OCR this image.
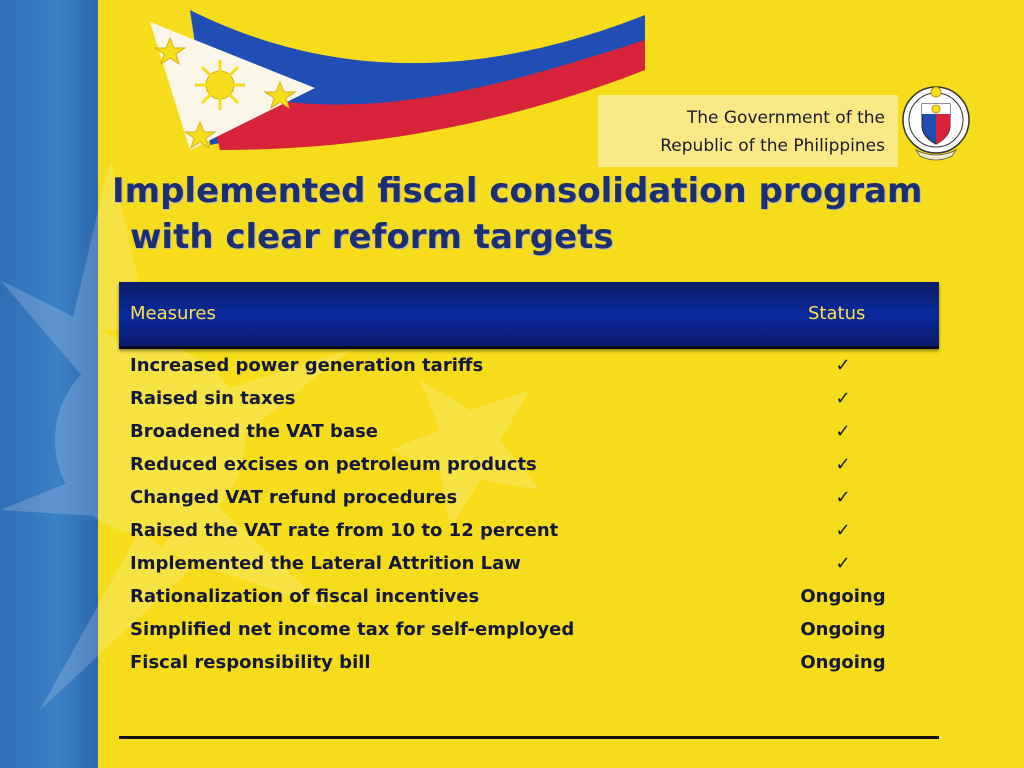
The Government of the
Republic of the Philippines
Implemented fiscal consolidation program
with clear reform targets
Measures	Status
Increased power generation tariffs	✓
Raised sin taxes	✓
Broadened the VAT base	✓
Reduced excises on petroleum products	✓
Changed VAT refund procedures	✓
Raised the VAT rate from 10 to 12 percent	✓
Implemented the Lateral Attrition Law	✓
Rationalization of fiscal incentives	Ongoing
Simplified net income tax for self-employed	Ongoing
Fiscal responsibility bill	Ongoing
